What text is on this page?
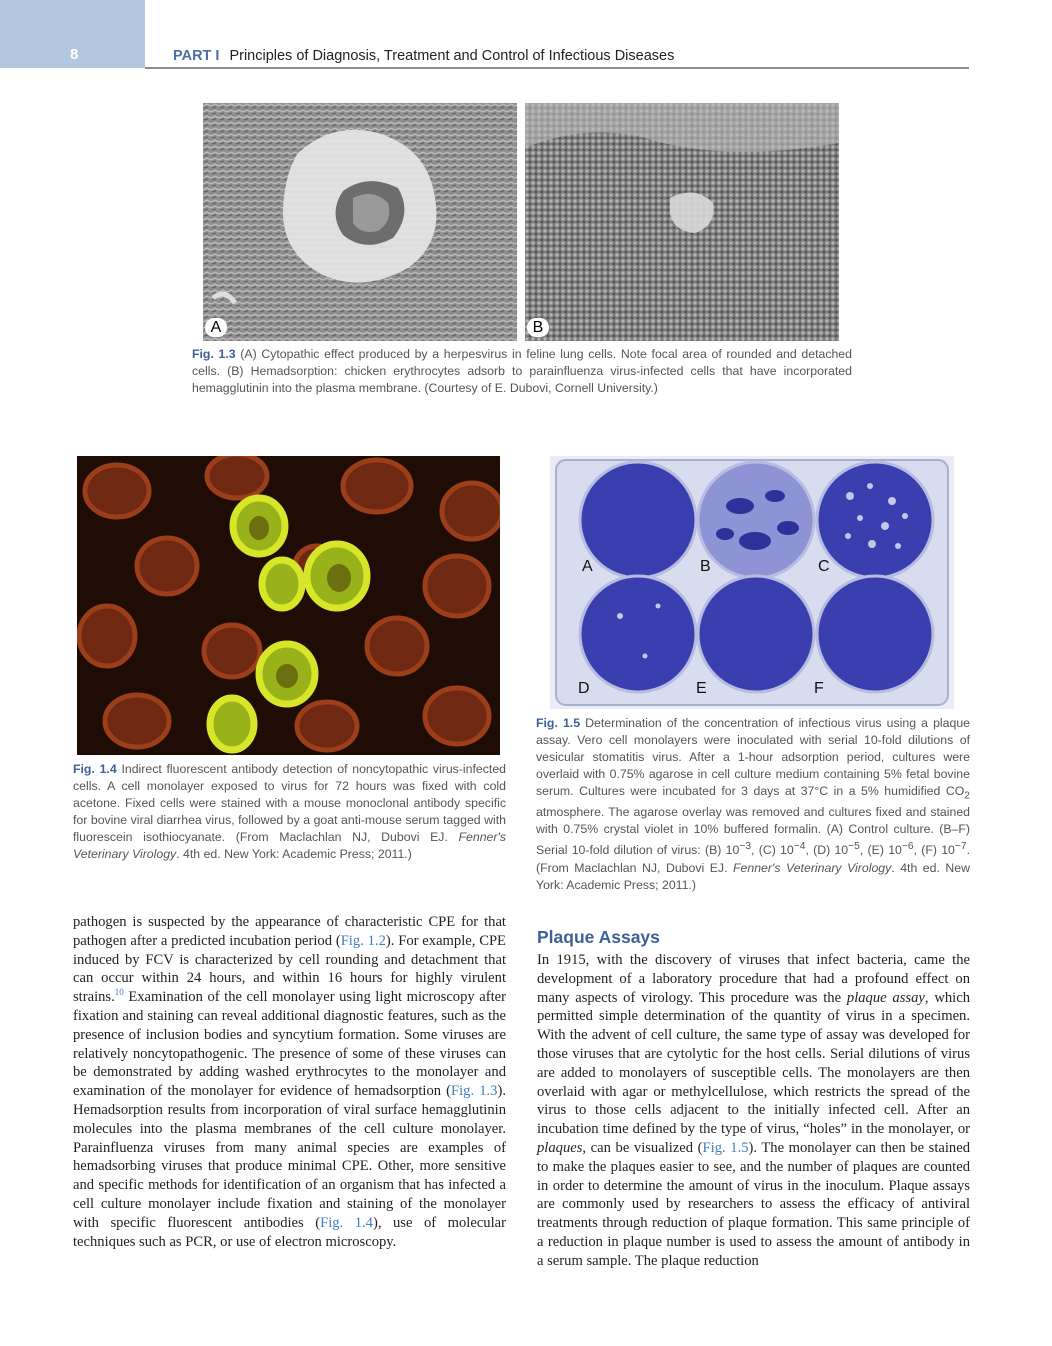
8	PART I Principles of Diagnosis, Treatment and Control of Infectious Diseases
A	B
Fig. 1.3 (A) Cytopathic effect produced by a herpesvirus in feline lung cells. Note focal area of rounded and detached cells. (B) Hemadsorption: chicken erythrocytes adsorb to parainfluenza virus-infected cells that have incorporated hemagglutinin into the plasma membrane. (Courtesy of E. Dubovi, Cornell University.)
Fig. 1.4 Indirect fluorescent antibody detection of noncytopathic virus-infected cells. A cell monolayer exposed to virus for 72 hours was fixed with cold acetone. Fixed cells were stained with a mouse monoclonal antibody specific for bovine viral diarrhea virus, followed by a goat anti-mouse serum tagged with fluorescein isothiocyanate. (From Maclachlan NJ, Dubovi EJ. Fenner's Veterinary Virology. 4th ed. New York: Academic Press; 2011.)
A	B	C
D	E	F
Fig. 1.5 Determination of the concentration of infectious virus using a plaque assay. Vero cell monolayers were inoculated with serial 10-fold dilutions of vesicular stomatitis virus. After a 1-hour adsorption period, cultures were overlaid with 0.75% agarose in cell culture medium containing 5% fetal bovine serum. Cultures were incubated for 3 days at 37°C in a 5% humidified $CO_2$ atmosphere. The agarose overlay was removed and cultures fixed and stained with 0.75% crystal violet in 10% buffered formalin. (A) Control culture. (B–F) Serial 10-fold dilution of virus: (B) $10^{-3}$, (C) $10^{-4}$, (D) $10^{-5}$, (E) $10^{-6}$, (F) $10^{-7}$. (From Maclachlan NJ, Dubovi EJ. Fenner's Veterinary Virology. 4th ed. New York: Academic Press; 2011.)

pathogen is suspected by the appearance of characteristic CPE for that pathogen after a predicted incubation period (Fig. 1.2). For example, CPE induced by FCV is characterized by cell rounding and detachment that can occur within 24 hours, and within 16 hours for highly virulent strains.$^{10}$ Examination of the cell monolayer using light microscopy after fixation and staining can reveal additional diagnostic features, such as the presence of inclusion bodies and syncytium formation. Some viruses are relatively noncytopathogenic. The presence of some of these viruses can be demonstrated by adding washed erythrocytes to the monolayer and examination of the monolayer for evidence of hemadsorption (Fig. 1.3). Hemadsorption results from incorporation of viral surface hemagglutinin molecules into the plasma membranes of the cell culture monolayer. Parainfluenza viruses from many animal species are examples of hemadsorbing viruses that produce minimal CPE. Other, more sensitive and specific methods for identification of an organism that has infected a cell culture monolayer include fixation and staining of the monolayer with specific fluorescent antibodies (Fig. 1.4), use of molecular techniques such as PCR, or use of electron microscopy.

Plaque Assays

In 1915, with the discovery of viruses that infect bacteria, came the development of a laboratory procedure that had a profound effect on many aspects of virology. This procedure was the plaque assay, which permitted simple determination of the quantity of virus in a specimen. With the advent of cell culture, the same type of assay was developed for those viruses that are cytolytic for the host cells. Serial dilutions of virus are added to monolayers of susceptible cells. The monolayers are then overlaid with agar or methylcellulose, which restricts the spread of the virus to those cells adjacent to the initially infected cell. After an incubation time defined by the type of virus, “holes” in the monolayer, or plaques, can be visualized (Fig. 1.5). The monolayer can then be stained to make the plaques easier to see, and the number of plaques are counted in order to determine the amount of virus in the inoculum. Plaque assays are commonly used by researchers to assess the efficacy of antiviral treatments through reduction of plaque formation. This same principle of a reduction in plaque number is used to assess the amount of antibody in a serum sample. The plaque reduction
